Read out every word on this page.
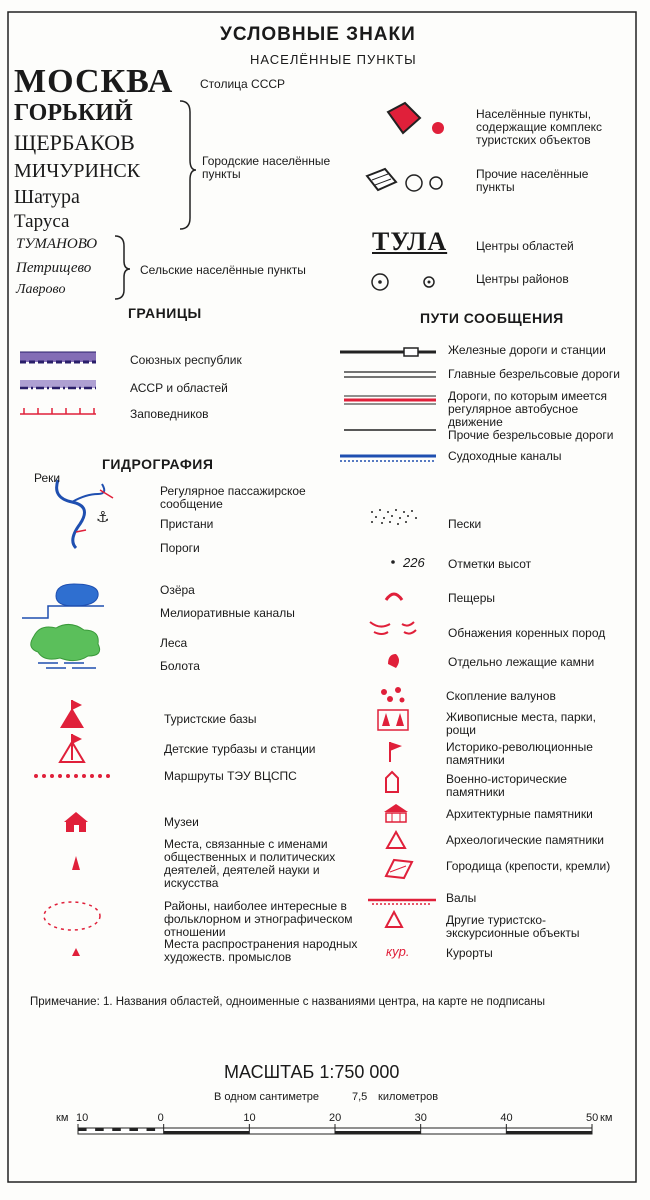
⚓
УСЛОВНЫЕ ЗНАКИ
НАСЕЛЁННЫЕ ПУНКТЫ
МОСКВА Столица СССР
ГОРЬКИЙ
ЩЕРБАКОВ
МИЧУРИНСК
Шатура
Таруса
Городские населённые пункты
ТУМАНОВО
Петрищево
Лаврово
Сельские населённые пункты
Населённые пункты, содержащие комплекс туристских объектов
Прочие населённые пункты
ТУЛА Центры областей
Центры районов
ГРАНИЦЫ
Союзных республик
АССР и областей
Заповедников
ПУТИ СООБЩЕНИЯ
Железные дороги и станции
Главные безрельсовые дороги
Дороги, по которым имеется регулярное автобусное движение
Прочие безрельсовые дороги
Судоходные каналы
ГИДРОГРАФИЯ
Реки
Регулярное пассажирское сообщение
Пристани
Пороги
Озёра
Мелиоративные каналы
Леса
Болота
Пески
226 Отметки высот
Пещеры
Обнажения коренных пород
Отдельно лежащие камни
Туристские базы
Детские турбазы и станции
Маршруты ТЭУ ВЦСПС
Музеи
Места, связанные с именами общественных и политических деятелей, деятелей науки и искусства
Районы, наиболее интересные в фольклорном и этнографическом отношении
Места распространения народных художеств. промыслов
Скопление валунов
Живописные места, парки, рощи
Историко-революционные памятники
Военно-исторические памятники
Архитектурные памятники
Археологические памятники
Городища (крепости, кремли)
Валы
Другие туристско-экскурсионные объекты
кур.	Курорты
Примечание: 1. Названия областей, одноименные с названиями центра, на карте не подписаны
МАСШТАБ 1:750 000
В одном сантиметре	7,5 километров
км	км
10	0	10	20	30	40	50
